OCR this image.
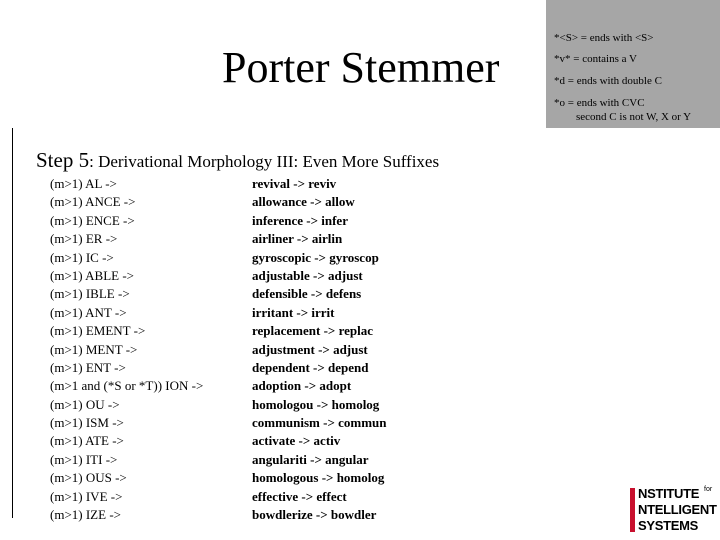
Porter Stemmer
*<S> = ends with <S>
*v* = contains a V
*d = ends with double C
*o = ends with CVC
second C is not W, X or Y
Step 5: Derivational Morphology III: Even More Suffixes
(m>1) AL ->
(m>1) ANCE ->
(m>1) ENCE ->
(m>1) ER ->
(m>1) IC ->
(m>1) ABLE ->
(m>1) IBLE ->
(m>1) ANT ->
(m>1) EMENT ->
(m>1) MENT ->
(m>1) ENT ->
(m>1 and (*S or *T)) ION ->
(m>1) OU ->
(m>1) ISM ->
(m>1) ATE ->
(m>1) ITI ->
(m>1) OUS ->
(m>1) IVE ->
(m>1) IZE ->
revival -> reviv
allowance -> allow
inference -> infer
airliner -> airlin
gyroscopic -> gyroscop
adjustable -> adjust
defensible -> defens
irritant -> irrit
replacement -> replac
adjustment -> adjust
dependent -> depend
adoption -> adopt
homologou -> homolog
communism -> commun
activate -> activ
angulariti -> angular
homologous -> homolog
effective -> effect
bowdlerize -> bowdler
NSTITUTE for
NTELLIGENT
SYSTEMS
